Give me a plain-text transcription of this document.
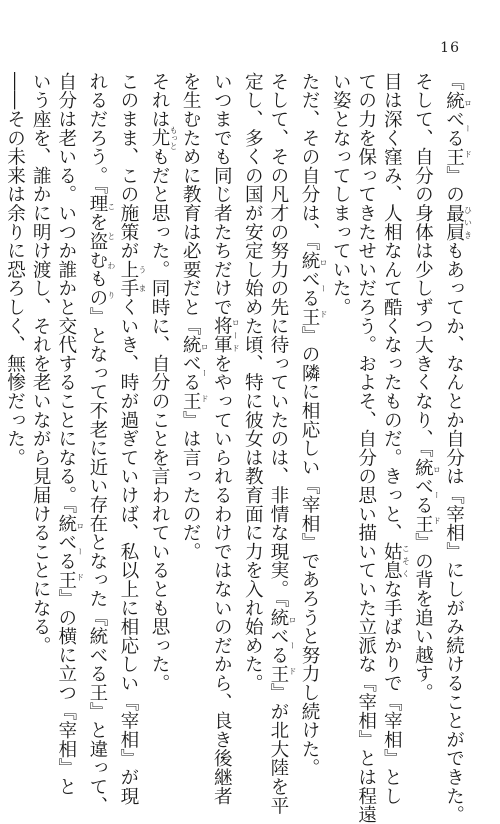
16
『統べる王 ロード』の最屓 ひいきもあってか、なんとか自分は『宰相』にしがみ続けることができた。
そして、自分の身体は少しずつ大きくなり、『統べる王 ロード』の背を追い越す。
目は深く窪み、人相なんて酷くなったものだ。きっと、姑息 こそくな手ばかりで『宰相』とし
ての力を保ってきたせいだろう。およそ、自分の思い描いていた立派な『宰相』とは程遠
い姿となってしまっていた。
ただ、その自分は、『統べる王 ロード』の隣に相応しい『宰相』であろうと努力し続けた。
そして、その凡才の努力の先に待っていたのは、非情な現実。『統べる王 ロード』が北大陸を平
定し、多くの国が安定し始めた頃、特に彼女は教育面に力を入れ始めた。
いつまでも同じ者たちだけで将軍 ロードをやっていられるわけではないのだから、良き後継者
を生むために教育は必要だと『統べる王 ロード』は言ったのだ。
それは尤 もっともだと思った。同時に、自分のことを言われているとも思った。
このまま、この施策が上手 うまくいき、時が過ぎていけば、私以上に相応しい『宰相』が現
れるだろう。『理を盗むもの ことわり』となって不老に近い存在となった『統べる王』と違って、
自分は老いる。いつか誰かと交代することになる。『統べる王 ロード』の横に立つ『宰相』と
いう座を、誰かに明け渡し、それを老いながら見届けることになる。
――その未来は余りに恐ろしく、無惨だった。
